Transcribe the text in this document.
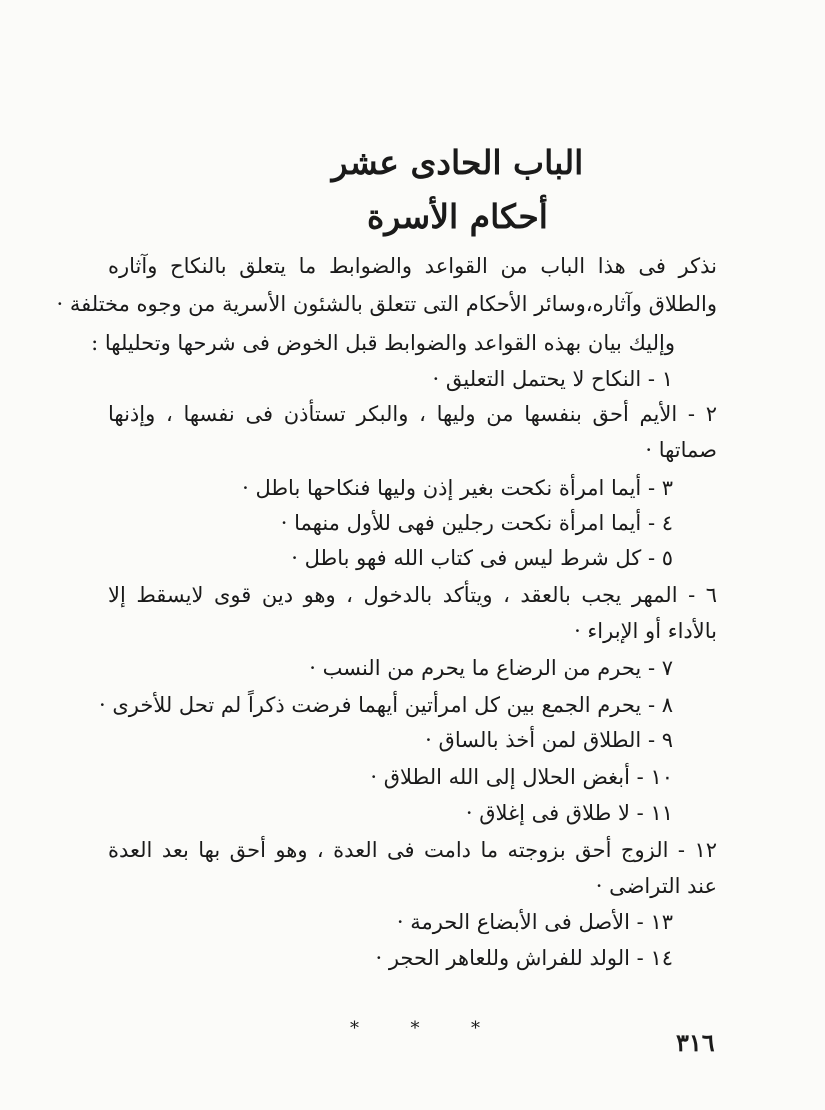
الباب الحادى عشر
أحكام الأسرة
نذكر فى هذا الباب من القواعد والضوابط ما يتعلق بالنكاح وآثاره
والطلاق وآثاره،وسائر الأحكام التى تتعلق بالشئون الأسرية من وجوه مختلفة ·
وإليك بيان بهذه القواعد والضوابط قبل الخوض فى شرحها وتحليلها :
١ - النكاح لا يحتمل التعليق ·
٢ - الأيم أحق بنفسها من وليها ، والبكر تستأذن فى نفسها ، وإذنها
صماتها ·
٣ - أيما امرأة نكحت بغير إذن وليها فنكاحها باطل ·
٤ - أيما امرأة نكحت رجلين فهى للأول منهما ·
٥ - كل شرط ليس فى كتاب الله فهو باطل ·
٦ - المهر يجب بالعقد ، ويتأكد بالدخول ، وهو دين قوى لايسقط إلا
بالأداء أو الإبراء ·
٧ - يحرم من الرضاع ما يحرم من النسب ·
٨ - يحرم الجمع بين كل امرأتين أيهما فرضت ذكراً لم تحل للأخرى ·
٩ - الطلاق لمن أخذ بالساق ·
١٠ - أبغض الحلال إلى الله الطلاق ·
١١ - لا طلاق فى إغلاق ·
١٢ - الزوج أحق بزوجته ما دامت فى العدة ، وهو أحق بها بعد العدة
عند التراضى ·
١٣ - الأصل فى الأبضاع الحرمة ·
١٤ - الولد للفراش وللعاهر الحجر ·
*	*	*	٣١٦
